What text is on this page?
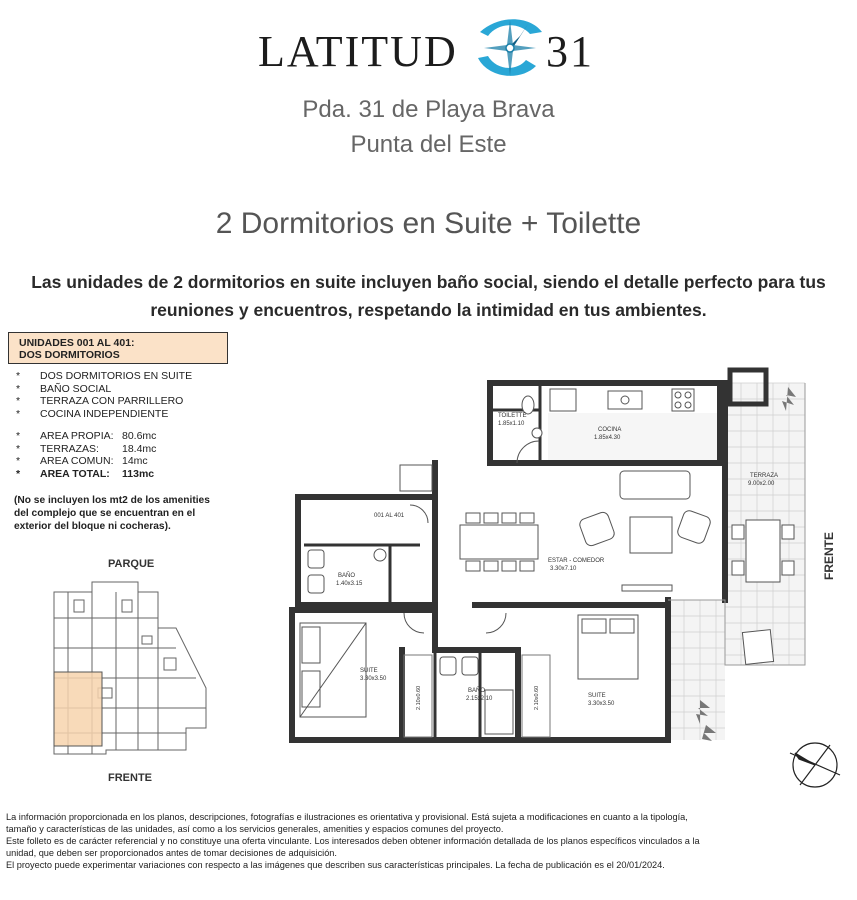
LATITUD 31
Pda. 31 de Playa Brava
Punta del Este
2 Dormitorios en Suite + Toilette
Las unidades de 2 dormitorios en suite incluyen baño social, siendo el detalle perfecto para tus
reuniones y encuentros, respetando la intimidad en tus ambientes.
UNIDADES 001 AL 401:
DOS DORMITORIOS
* DOS DORMITORIOS EN SUITE
* BAÑO SOCIAL
* TERRAZA CON PARRILLERO
* COCINA INDEPENDIENTE
* AREA PROPIA: 80.6mc
* TERRAZAS: 18.4mc
* AREA COMUN: 14mc
* AREA TOTAL: 113mc
(No se incluyen los mt2 de los amenities
del complejo que se encuentran en el
exterior del bloque ni cocheras).
PARQUE
FRENTE
TOILETTE
1.85x1.10
COCINA
1.85x4.30
TERRAZA
9.00x2.00
ESTAR - COMEDOR
3.30x7.10
BAÑO
1.40x3.15
SUITE
3.30x3.50
BAÑO
2.15x2.10	SUITE
3.30x3.50
001 AL 401
2.10x0.60	2.10x0.60
FRENTE
La información proporcionada en los planos, descripciones, fotografías e ilustraciones es orientativa y provisional. Está sujeta a modificaciones en cuanto a la tipología,
tamaño y características de las unidades, así como a los servicios generales, amenities y espacios comunes del proyecto.
Este folleto es de carácter referencial y no constituye una oferta vinculante. Los interesados deben obtener información detallada de los planos específicos vinculados a la
unidad, que deben ser proporcionados antes de tomar decisiones de adquisición.
El proyecto puede experimentar variaciones con respecto a las imágenes que describen sus características principales. La fecha de publicación es el 20/01/2024.
